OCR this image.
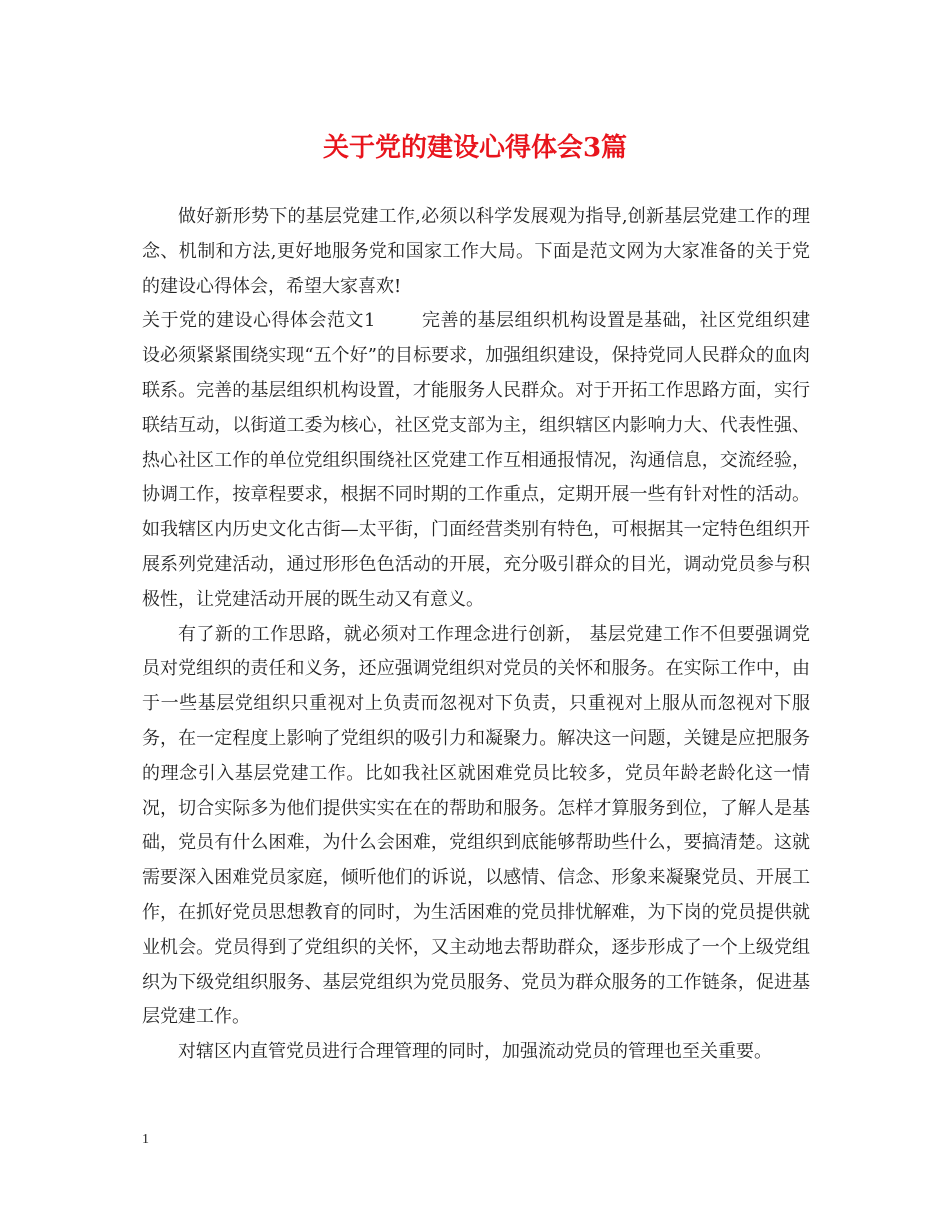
关于党的建设心得体会3篇

做好新形势下的基层党建工作,必须以科学发展观为指导,创新基层党建工作的理念、机制和方法,更好地服务党和国家工作大局。下面是范文网为大家准备的关于党的建设心得体会，希望大家喜欢!

关于党的建设心得体会范文1	完善的基层组织机构设置是基础，社区党组织建设必须紧紧围绕实现“五个好”的目标要求，加强组织建设，保持党同人民群众的血肉联系。完善的基层组织机构设置，才能服务人民群众。对于开拓工作思路方面，实行联结互动，以街道工委为核心，社区党支部为主，组织辖区内影响力大、代表性强、热心社区工作的单位党组织围绕社区党建工作互相通报情况，沟通信息，交流经验，协调工作，按章程要求，根据不同时期的工作重点，定期开展一些有针对性的活动。如我辖区内历史文化古街—太平街，门面经营类别有特色，可根据其一定特色组织开展系列党建活动，通过形形色色活动的开展，充分吸引群众的目光，调动党员参与积极性，让党建活动开展的既生动又有意义。

有了新的工作思路，就必须对工作理念进行创新， 基层党建工作不但要强调党员对党组织的责任和义务，还应强调党组织对党员的关怀和服务。在实际工作中，由于一些基层党组织只重视对上负责而忽视对下负责，只重视对上服从而忽视对下服务，在一定程度上影响了党组织的吸引力和凝聚力。解决这一问题，关键是应把服务的理念引入基层党建工作。比如我社区就困难党员比较多，党员年龄老龄化这一情况，切合实际多为他们提供实实在在的帮助和服务。怎样才算服务到位，了解人是基础，党员有什么困难，为什么会困难，党组织到底能够帮助些什么，要搞清楚。这就需要深入困难党员家庭，倾听他们的诉说，以感情、信念、形象来凝聚党员、开展工作，在抓好党员思想教育的同时，为生活困难的党员排忧解难，为下岗的党员提供就业机会。党员得到了党组织的关怀，又主动地去帮助群众，逐步形成了一个上级党组织为下级党组织服务、基层党组织为党员服务、党员为群众服务的工作链条，促进基层党建工作。

对辖区内直管党员进行合理管理的同时，加强流动党员的管理也至关重要。

1
